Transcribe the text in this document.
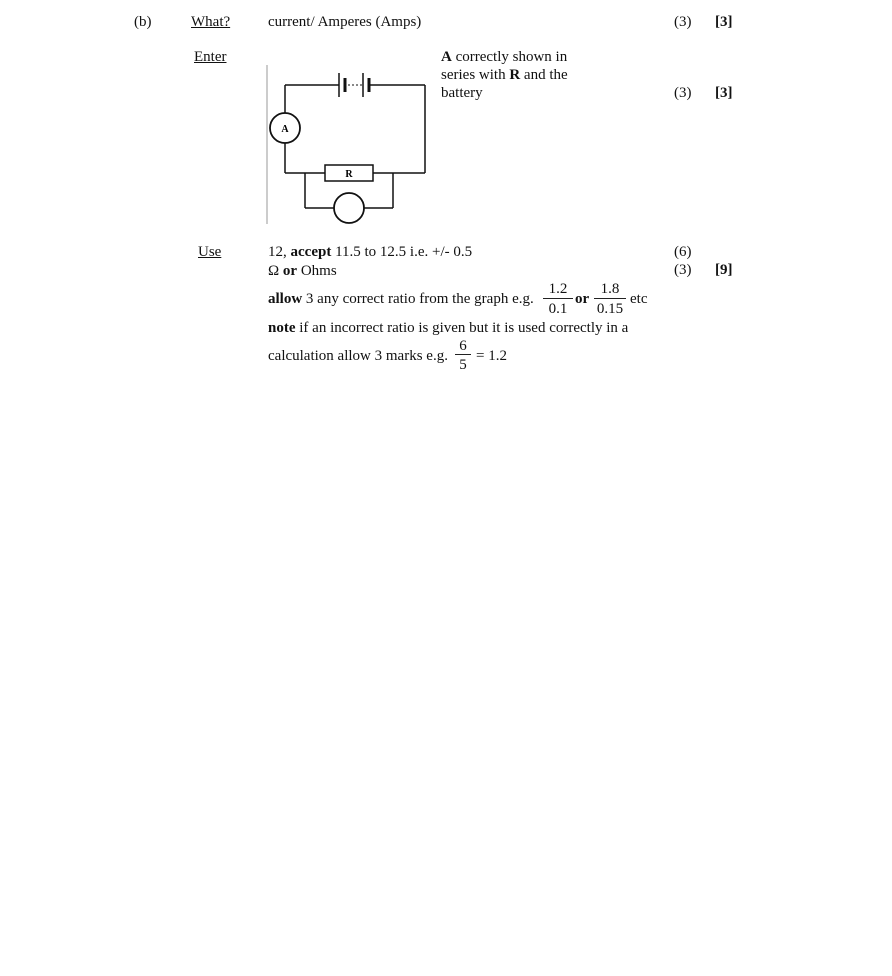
(b)	What?	current/ Amperes (Amps)	(3) [3]
Enter
A
R
A correctly shown in
series with R and the
battery	(3) [3]
Use	12, accept 11.5 to 12.5 i.e. +/- 0.5	(6)
Ω or Ohms	(3) [9]
allow 3 any correct ratio from the graph e.g. $\frac{1.2}{0.1}$ or $\frac{1.8}{0.15}$ etc
note if an incorrect ratio is given but it is used correctly in a
calculation allow 3 marks e.g. $\frac{6}{5} = 1.2$
